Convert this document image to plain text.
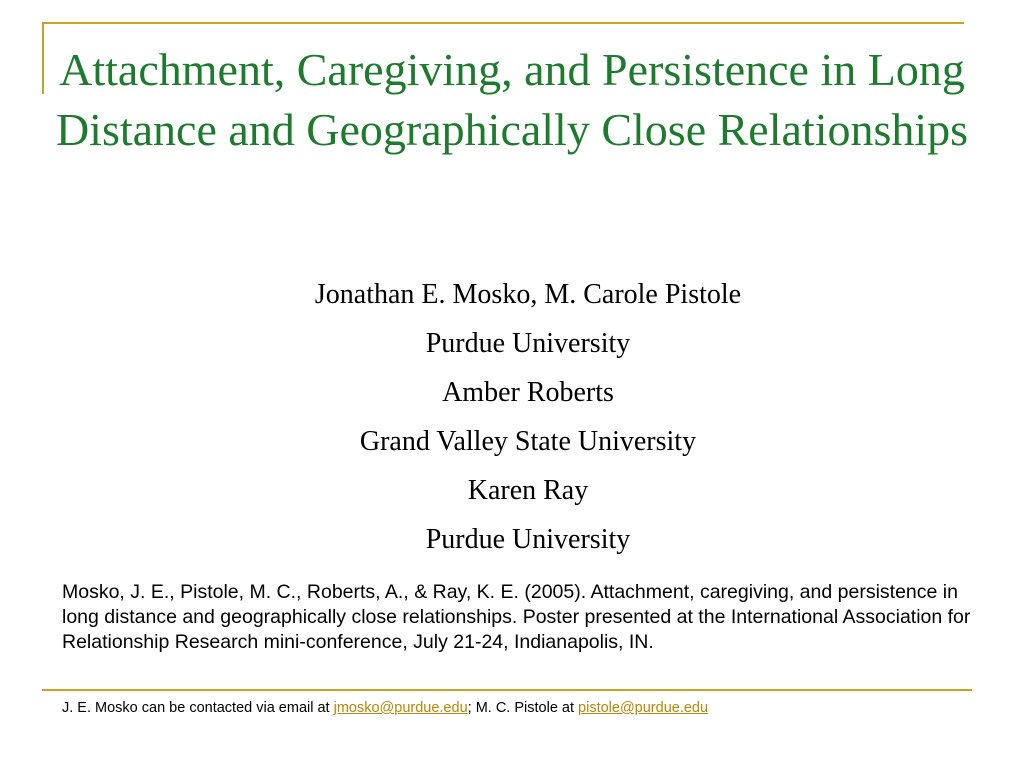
Attachment, Caregiving, and Persistence in Long Distance and Geographically Close Relationships
Jonathan E. Mosko, M. Carole Pistole
Purdue University
Amber Roberts
Grand Valley State University
Karen Ray
Purdue University
Mosko, J. E., Pistole, M. C., Roberts, A., & Ray, K. E. (2005). Attachment, caregiving, and persistence in long distance and geographically close relationships. Poster presented at the International Association for Relationship Research mini-conference, July 21-24, Indianapolis, IN.
J. E. Mosko can be contacted via email at jmosko@purdue.edu; M. C. Pistole at pistole@purdue.edu
